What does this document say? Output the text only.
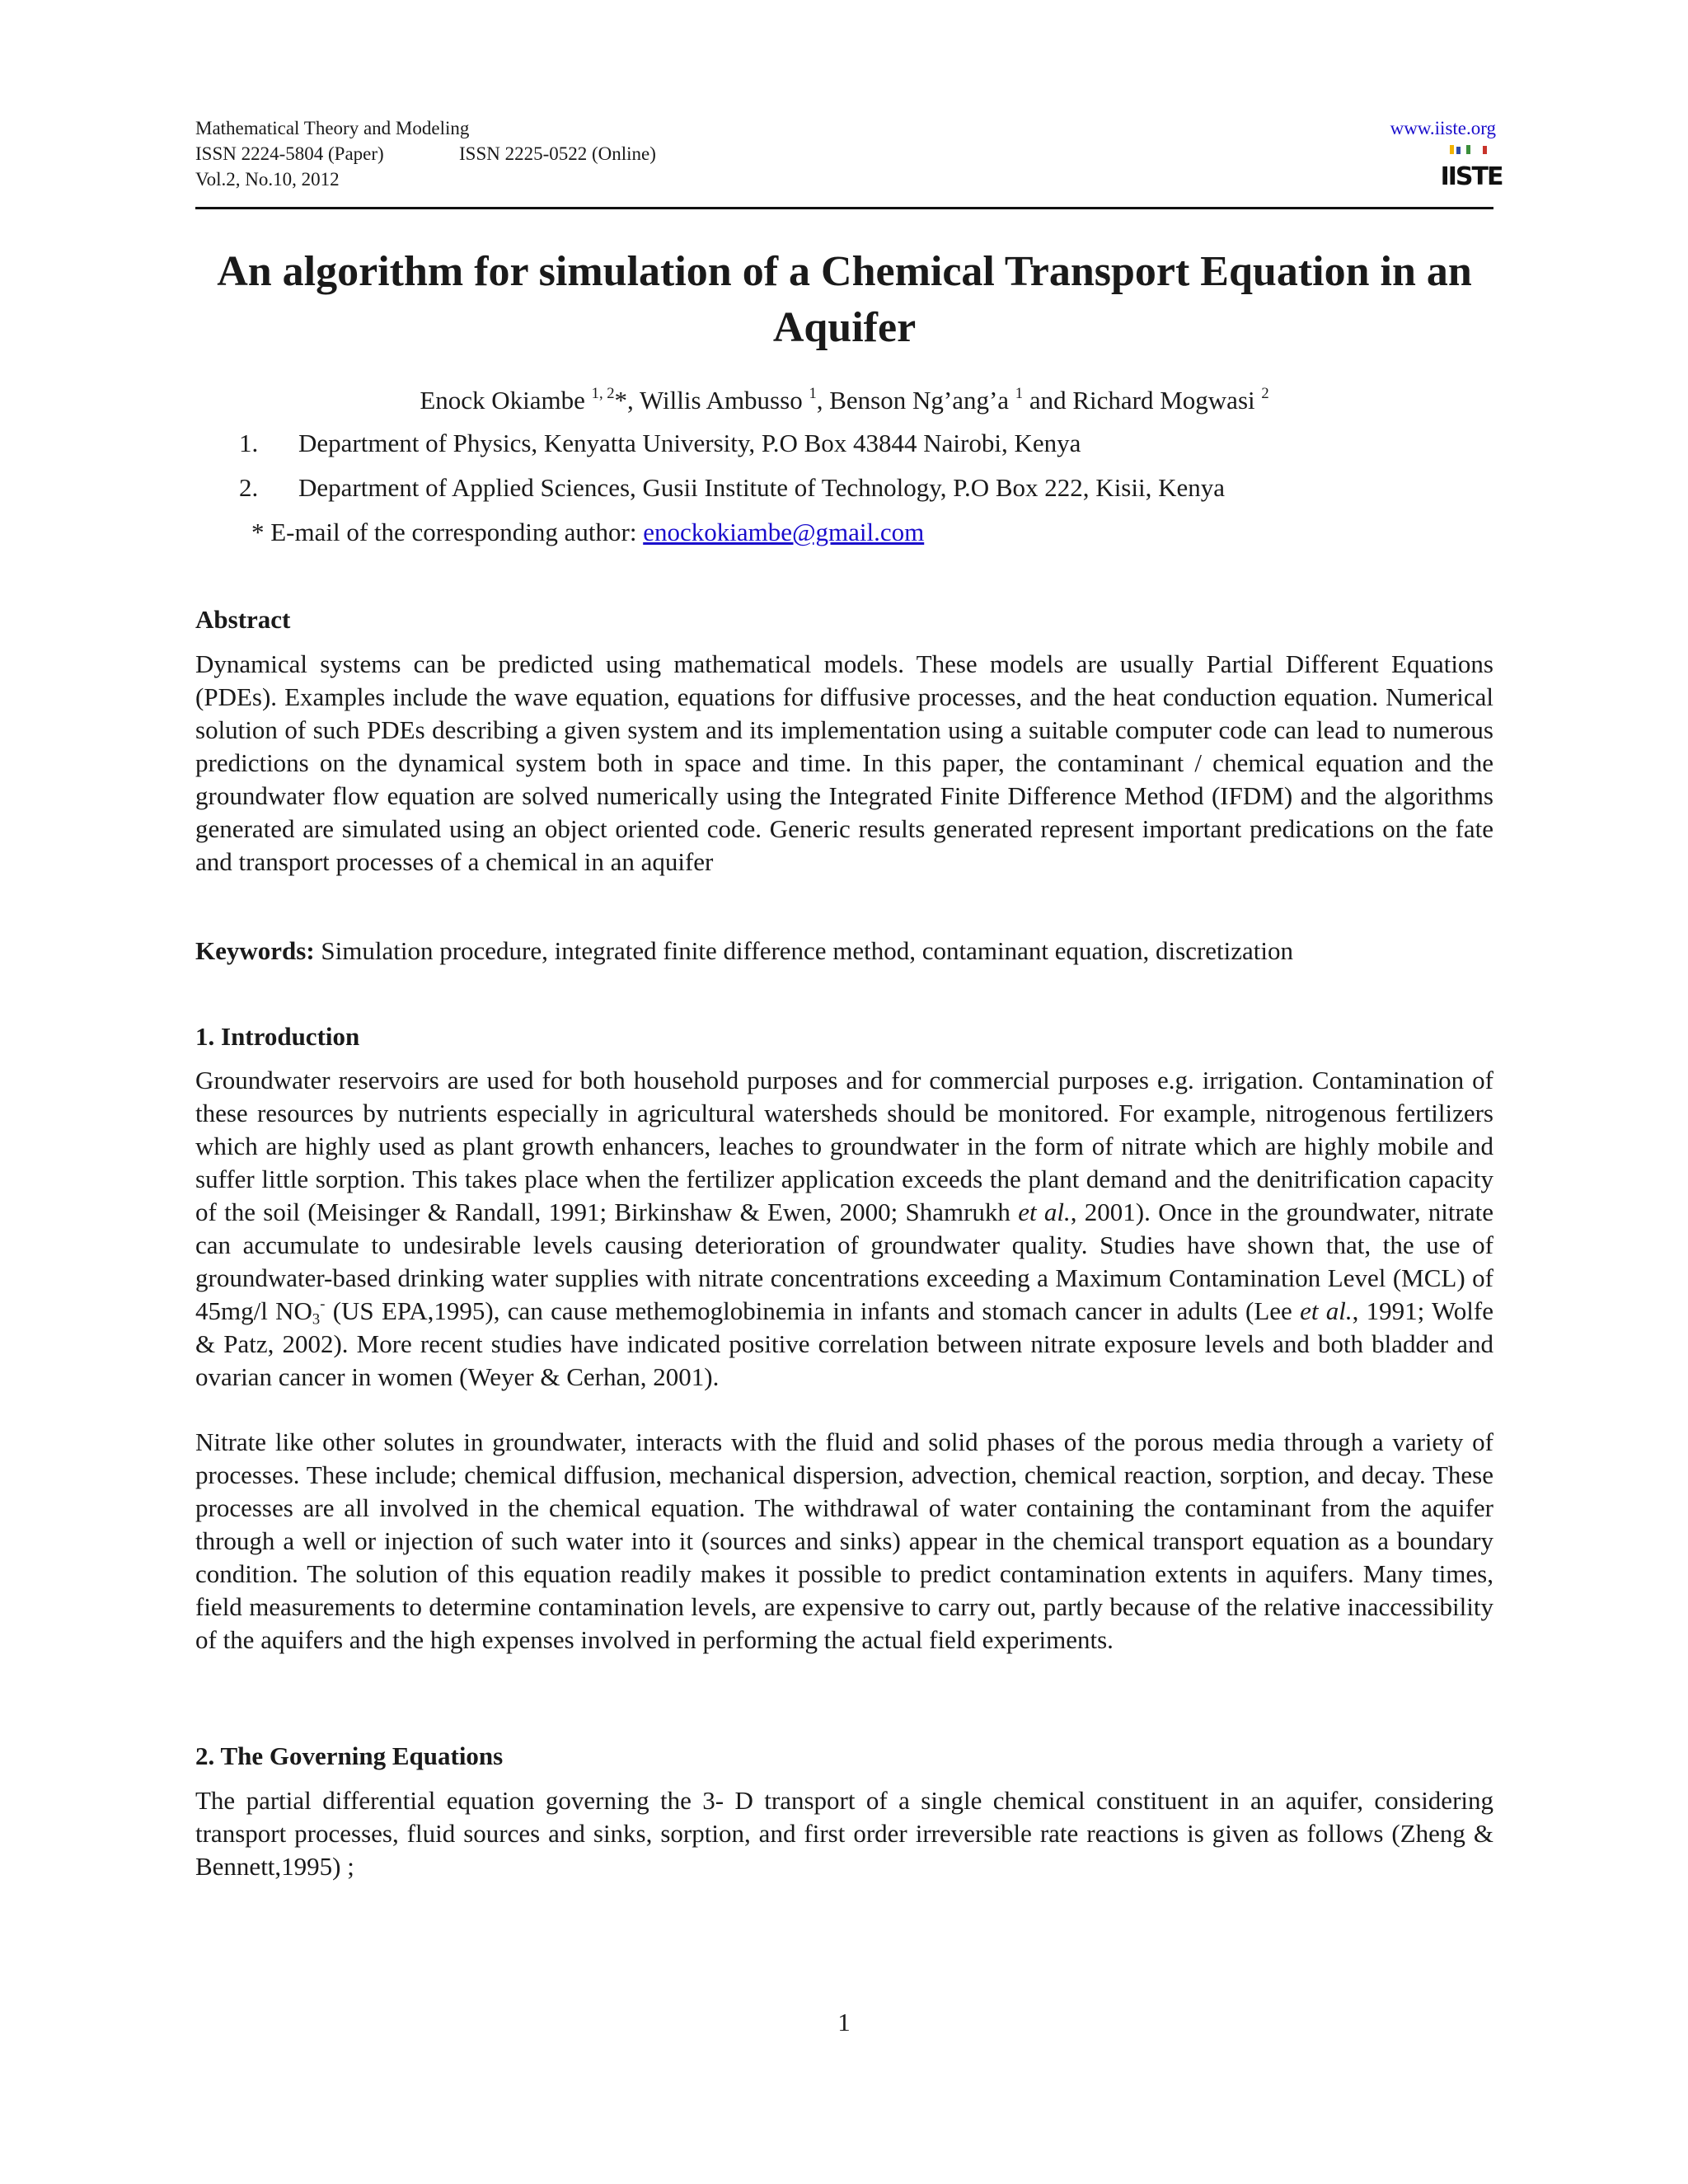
Mathematical Theory and Modeling
ISSN 2224-5804 (Paper)	ISSN 2225-0522 (Online)
Vol.2, No.10, 2012
www.iiste.org
IISTE
An algorithm for simulation of a Chemical Transport Equation in an Aquifer
Enock Okiambe $^{1, 2}$*, Willis Ambusso $^1$, Benson Ng’ang’a $^1$ and Richard Mogwasi $^2$
1. Department of Physics, Kenyatta University, P.O Box 43844 Nairobi, Kenya
2. Department of Applied Sciences, Gusii Institute of Technology, P.O Box 222, Kisii, Kenya
* E-mail of the corresponding author: enockokiambe@gmail.com
Abstract

Dynamical systems can be predicted using mathematical models. These models are usually Partial Different Equations (PDEs). Examples include the wave equation, equations for diffusive processes, and the heat conduction equation. Numerical solution of such PDEs describing a given system and its implementation using a suitable computer code can lead to numerous predictions on the dynamical system both in space and time. In this paper, the contaminant / chemical equation and the groundwater flow equation are solved numerically using the Integrated Finite Difference Method (IFDM) and the algorithms generated are simulated using an object oriented code. Generic results generated represent important predications on the fate and transport processes of a chemical in an aquifer

Keywords: Simulation procedure, integrated finite difference method, contaminant equation, discretization
1. Introduction

Groundwater reservoirs are used for both household purposes and for commercial purposes e.g. irrigation. Contamination of these resources by nutrients especially in agricultural watersheds should be monitored. For example, nitrogenous fertilizers which are highly used as plant growth enhancers, leaches to groundwater in the form of nitrate which are highly mobile and suffer little sorption. This takes place when the fertilizer application exceeds the plant demand and the denitrification capacity of the soil (Meisinger & Randall, 1991; Birkinshaw & Ewen, 2000; Shamrukh et al., 2001). Once in the groundwater, nitrate can accumulate to undesirable levels causing deterioration of groundwater quality. Studies have shown that, the use of groundwater-based drinking water supplies with nitrate concentrations exceeding a Maximum Contamination Level (MCL) of 45mg/l $NO_3^-$ (US EPA,1995), can cause methemoglobinemia in infants and stomach cancer in adults (Lee et al., 1991; Wolfe & Patz, 2002). More recent studies have indicated positive correlation between nitrate exposure levels and both bladder and ovarian cancer in women (Weyer & Cerhan, 2001).

Nitrate like other solutes in groundwater, interacts with the fluid and solid phases of the porous media through a variety of processes. These include; chemical diffusion, mechanical dispersion, advection, chemical reaction, sorption, and decay. These processes are all involved in the chemical equation. The withdrawal of water containing the contaminant from the aquifer through a well or injection of such water into it (sources and sinks) appear in the chemical transport equation as a boundary condition. The solution of this equation readily makes it possible to predict contamination extents in aquifers. Many times, field measurements to determine contamination levels, are expensive to carry out, partly because of the relative inaccessibility of the aquifers and the high expenses involved in performing the actual field experiments.

2. The Governing Equations

The partial differential equation governing the 3- D transport of a single chemical constituent in an aquifer, considering transport processes, fluid sources and sinks, sorption, and first order irreversible rate reactions is given as follows (Zheng & Bennett,1995) ;

1
